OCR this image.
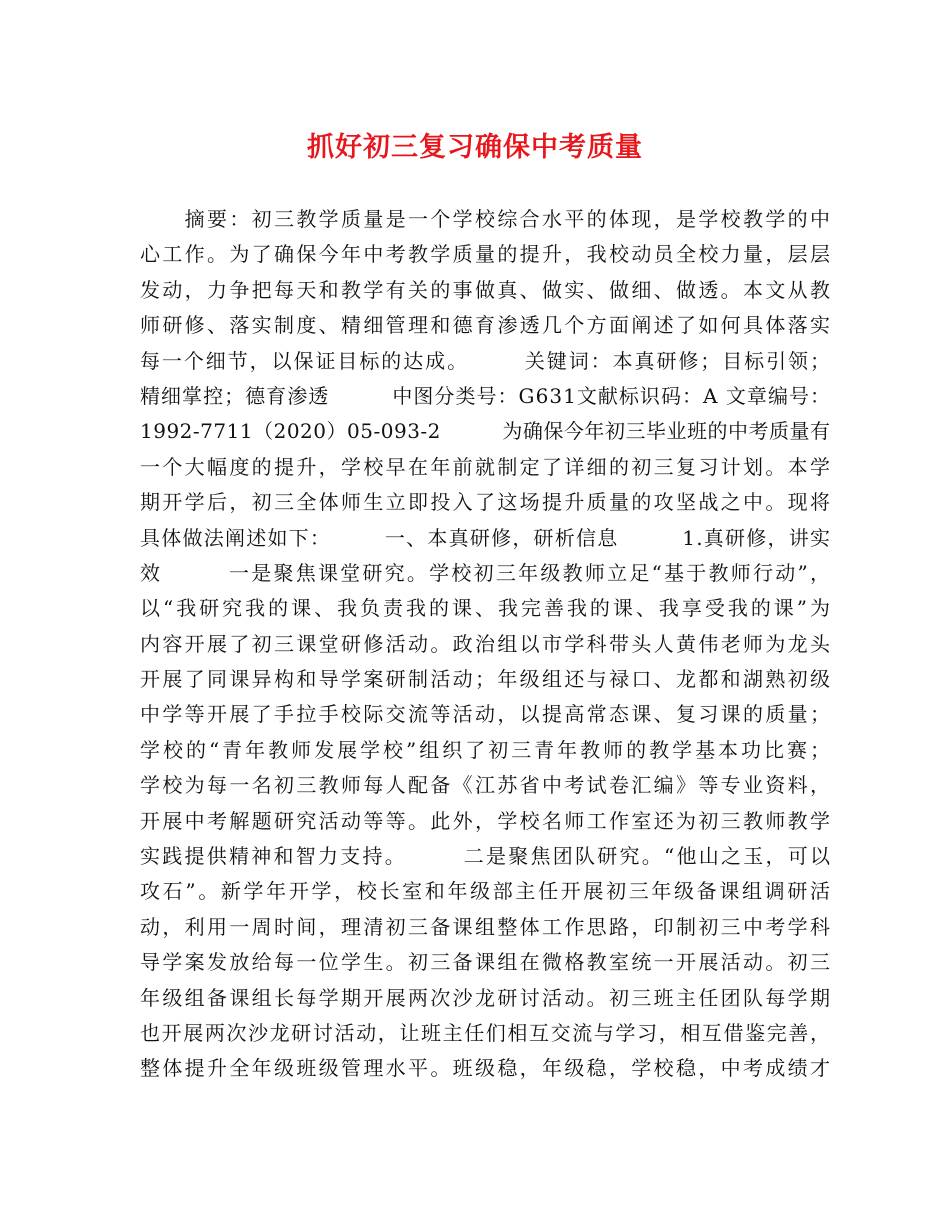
抓好初三复习确保中考质量
　　摘要：初三教学质量是一个学校综合水平的体现，是学校教学的中
心工作。为了确保今年中考教学质量的提升，我校动员全校力量，层层
发动，力争把每天和教学有关的事做真、做实、做细、做透。本文从教
师研修、落实制度、精细管理和德育渗透几个方面阐述了如何具体落实
每一个细节，以保证目标的达成。　　　关键词：本真研修；目标引领；
精细掌控；德育渗透　　　中图分类号：G631文献标识码：A 文章编号：
1992-7711（2020）05-093-2　　　为确保今年初三毕业班的中考质量有
一个大幅度的提升，学校早在年前就制定了详细的初三复习计划。本学
期开学后，初三全体师生立即投入了这场提升质量的攻坚战之中。现将
具体做法阐述如下：　　　一、本真研修，研析信息　　　1.真研修，讲实
效　　　一是聚焦课堂研究。学校初三年级教师立足“基于教师行动”，
以“我研究我的课、我负责我的课、我完善我的课、我享受我的课”为
内容开展了初三课堂研修活动。政治组以市学科带头人黄伟老师为龙头
开展了同课异构和导学案研制活动；年级组还与禄口、龙都和湖熟初级
中学等开展了手拉手校际交流等活动，以提高常态课、复习课的质量；
学校的“青年教师发展学校”组织了初三青年教师的教学基本功比赛；
学校为每一名初三教师每人配备《江苏省中考试卷汇编》等专业资料，
开展中考解题研究活动等等。此外，学校名师工作室还为初三教师教学
实践提供精神和智力支持。　　　二是聚焦团队研究。“他山之玉，可以
攻石”。新学年开学，校长室和年级部主任开展初三年级备课组调研活
动，利用一周时间，理清初三备课组整体工作思路，印制初三中考学科
导学案发放给每一位学生。初三备课组在微格教室统一开展活动。初三
年级组备课组长每学期开展两次沙龙研讨活动。初三班主任团队每学期
也开展两次沙龙研讨活动，让班主任们相互交流与学习，相互借鉴完善，
整体提升全年级班级管理水平。班级稳，年级稳，学校稳，中考成绩才
